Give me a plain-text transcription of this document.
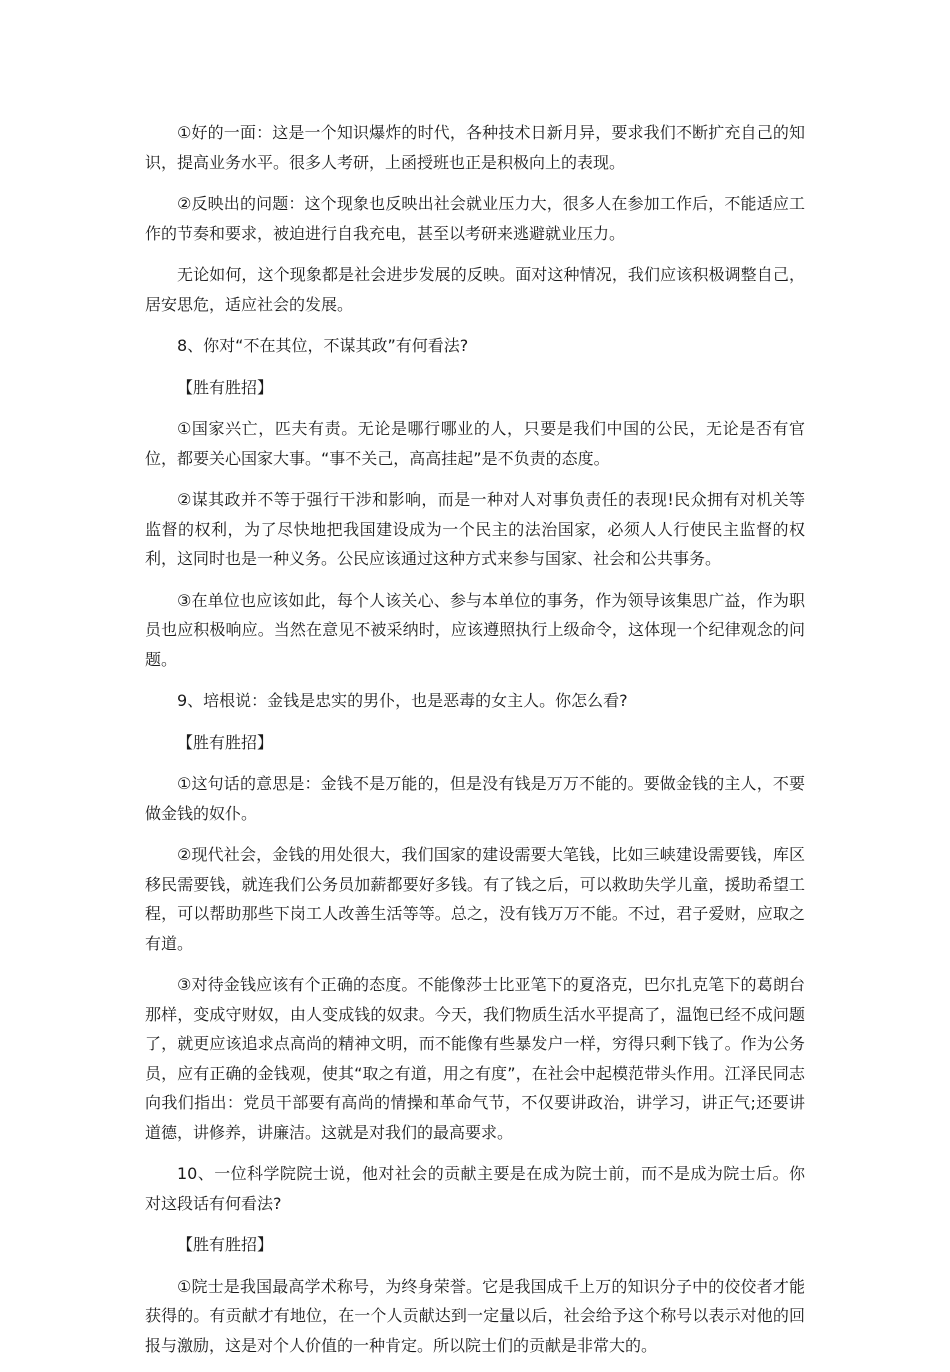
①好的一面：这是一个知识爆炸的时代，各种技术日新月异，要求我们不断扩充自己的知识，提高业务水平。很多人考研，上函授班也正是积极向上的表现。

②反映出的问题：这个现象也反映出社会就业压力大，很多人在参加工作后，不能适应工作的节奏和要求，被迫进行自我充电，甚至以考研来逃避就业压力。

无论如何，这个现象都是社会进步发展的反映。面对这种情况，我们应该积极调整自己，居安思危，适应社会的发展。

8、你对“不在其位，不谋其政”有何看法?

【胜有胜招】

①国家兴亡，匹夫有责。无论是哪行哪业的人，只要是我们中国的公民，无论是否有官位，都要关心国家大事。“事不关己，高高挂起”是不负责的态度。

②谋其政并不等于强行干涉和影响，而是一种对人对事负责任的表现!民众拥有对机关等监督的权利，为了尽快地把我国建设成为一个民主的法治国家，必须人人行使民主监督的权利，这同时也是一种义务。公民应该通过这种方式来参与国家、社会和公共事务。

③在单位也应该如此，每个人该关心、参与本单位的事务，作为领导该集思广益，作为职员也应积极响应。当然在意见不被采纳时，应该遵照执行上级命令，这体现一个纪律观念的问题。

9、培根说：金钱是忠实的男仆，也是恶毒的女主人。你怎么看?

【胜有胜招】

①这句话的意思是：金钱不是万能的，但是没有钱是万万不能的。要做金钱的主人，不要做金钱的奴仆。

②现代社会，金钱的用处很大，我们国家的建设需要大笔钱，比如三峡建设需要钱，库区移民需要钱，就连我们公务员加薪都要好多钱。有了钱之后，可以救助失学儿童，援助希望工程，可以帮助那些下岗工人改善生活等等。总之，没有钱万万不能。不过，君子爱财，应取之有道。

③对待金钱应该有个正确的态度。不能像莎士比亚笔下的夏洛克，巴尔扎克笔下的葛朗台那样，变成守财奴，由人变成钱的奴隶。今天，我们物质生活水平提高了，温饱已经不成问题了，就更应该追求点高尚的精神文明，而不能像有些暴发户一样，穷得只剩下钱了。作为公务员，应有正确的金钱观，使其“取之有道，用之有度”，在社会中起模范带头作用。江泽民同志向我们指出：党员干部要有高尚的情操和革命气节，不仅要讲政治，讲学习，讲正气;还要讲道德，讲修养，讲廉洁。这就是对我们的最高要求。

10、一位科学院院士说，他对社会的贡献主要是在成为院士前，而不是成为院士后。你对这段话有何看法?

【胜有胜招】

①院士是我国最高学术称号，为终身荣誉。它是我国成千上万的知识分子中的佼佼者才能获得的。有贡献才有地位，在一个人贡献达到一定量以后，社会给予这个称号以表示对他的回报与激励，这是对个人价值的一种肯定。所以院士们的贡献是非常大的。
